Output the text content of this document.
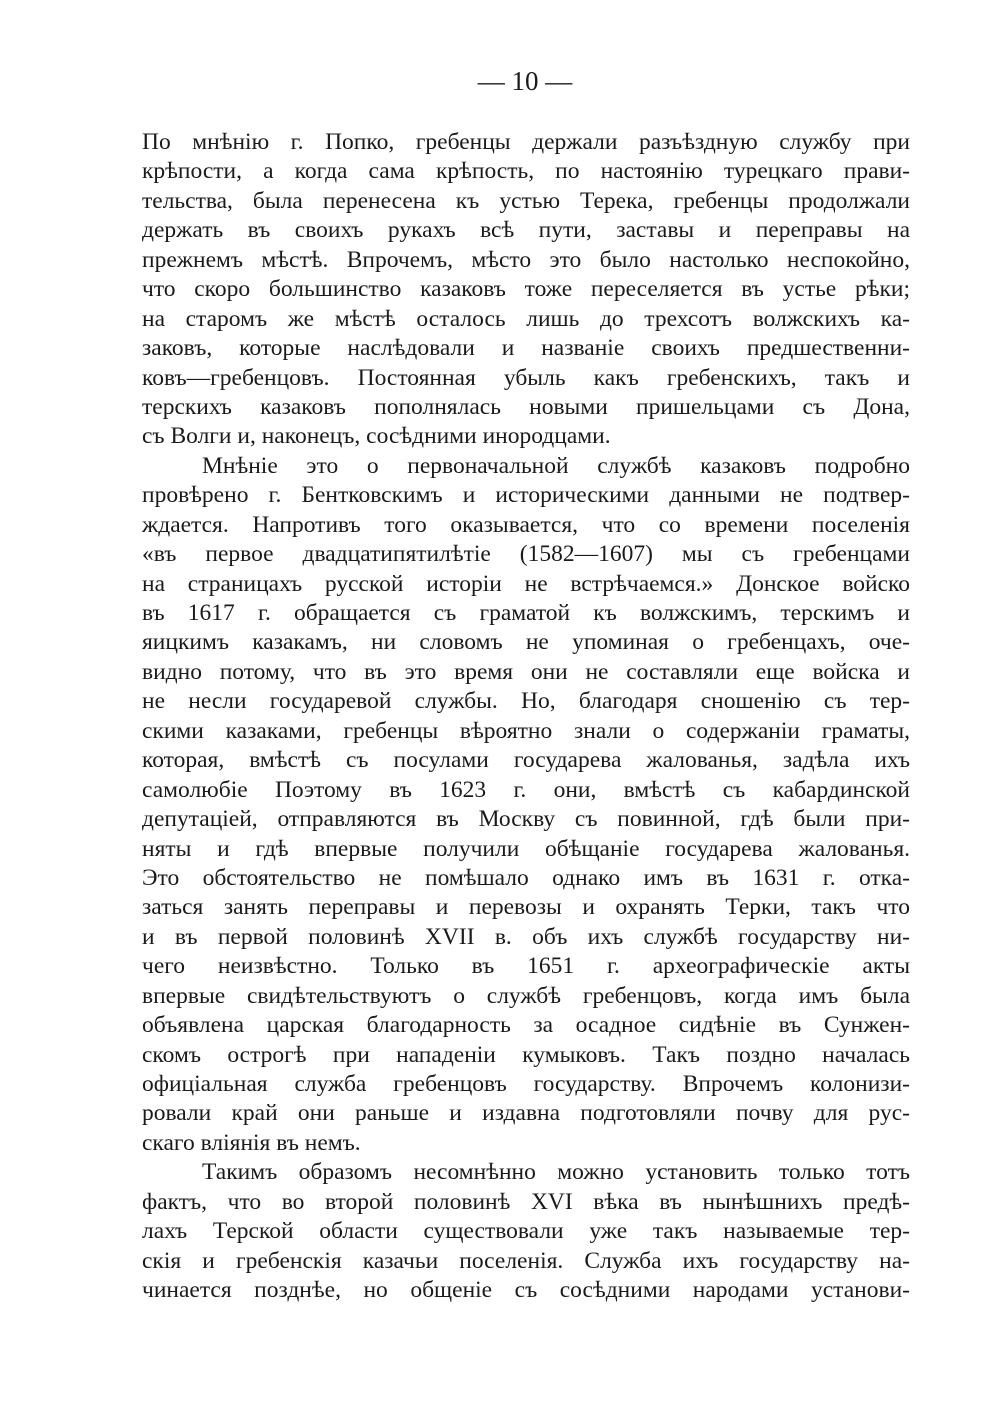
— 10 —
По мнѣнію г. Попко, гребенцы держали разъѣздную службу при
крѣпости, а когда сама крѣпость, по настоянію турецкаго прави-
тельства, была перенесена къ устью Терека, гребенцы продолжали
держать въ своихъ рукахъ всѣ пути, заставы и переправы на
прежнемъ мѣстѣ. Впрочемъ, мѣсто это было настолько неспокойно,
что скоро большинство казаковъ тоже переселяется въ устье рѣки;
на старомъ же мѣстѣ осталось лишь до трехсотъ волжскихъ ка-
заковъ, которые наслѣдовали и названіе своихъ предшественни-
ковъ—гребенцовъ. Постоянная убыль какъ гребенскихъ, такъ и
терскихъ казаковъ пополнялась новыми пришельцами съ Дона,
съ Волги и, наконецъ, сосѣдними инородцами.
Мнѣніе это о первоначальной службѣ казаковъ подробно
провѣрено г. Бентковскимъ и историческими данными не подтвер-
ждается. Напротивъ того оказывается, что со времени поселенія
«въ первое двадцатипятилѣтіе (1582—1607) мы съ гребенцами
на страницахъ русской исторіи не встрѣчаемся.» Донское войско
въ 1617 г. обращается съ граматой къ волжскимъ, терскимъ и
яицкимъ казакамъ, ни словомъ не упоминая о гребенцахъ, оче-
видно потому, что въ это время они не составляли еще войска и
не несли государевой службы. Но, благодаря сношенію съ тер-
скими казаками, гребенцы вѣроятно знали о содержаніи граматы,
которая, вмѣстѣ съ посулами государева жалованья, задѣла ихъ
самолюбіе Поэтому въ 1623 г. они, вмѣстѣ съ кабардинской
депутаціей, отправляются въ Москву съ повинной, гдѣ были при-
няты и гдѣ впервые получили обѣщаніе государева жалованья.
Это обстоятельство не помѣшало однако имъ въ 1631 г. отка-
заться занять переправы и перевозы и охранять Терки, такъ что
и въ первой половинѣ XVII в. объ ихъ службѣ государству ни-
чего неизвѣстно. Только въ 1651 г. археографическіе акты
впервые свидѣтельствуютъ о службѣ гребенцовъ, когда имъ была
объявлена царская благодарность за осадное сидѣніе въ Сунжен-
скомъ острогѣ при нападеніи кумыковъ. Такъ поздно началась
офиціальная служба гребенцовъ государству. Впрочемъ колонизи-
ровали край они раньше и издавна подготовляли почву для рус-
скаго вліянія въ немъ.
Такимъ образомъ несомнѣнно можно установить только тотъ
фактъ, что во второй половинѣ XVI вѣка въ нынѣшнихъ предѣ-
лахъ Терской области существовали уже такъ называемые тер-
скія и гребенскія казачьи поселенія. Служба ихъ государству на-
чинается позднѣе, но общеніе съ сосѣдними народами установи-
